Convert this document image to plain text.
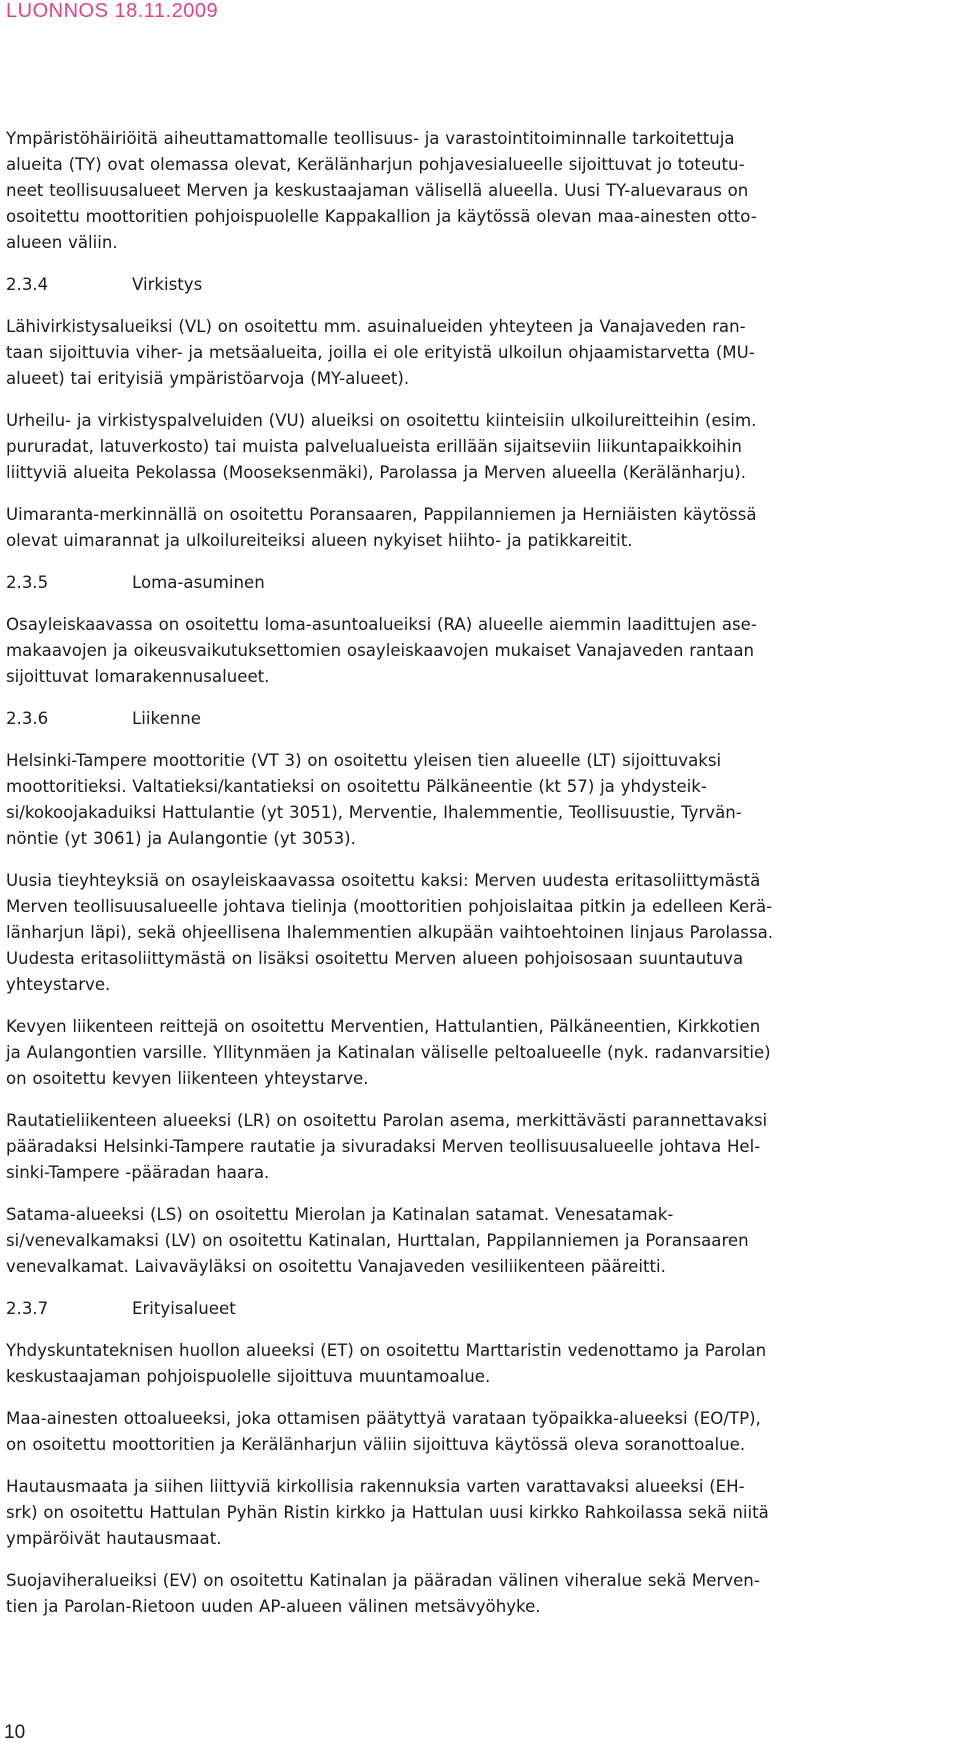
LUONNOS 18.11.2009
Ympäristöhäiriöitä aiheuttamattomalle teollisuus- ja varastointitoiminnalle tarkoitettuja
alueita (TY) ovat olemassa olevat, Kerälänharjun pohjavesialueelle sijoittuvat jo toteutu-
neet teollisuusalueet Merven ja keskustaajaman välisellä alueella. Uusi TY-aluevaraus on
osoitettu moottoritien pohjoispuolelle Kappakallion ja käytössä olevan maa-ainesten otto-
alueen väliin.
2.3.4	Virkistys
Lähivirkistysalueiksi (VL) on osoitettu mm. asuinalueiden yhteyteen ja Vanajaveden ran-
taan sijoittuvia viher- ja metsäalueita, joilla ei ole erityistä ulkoilun ohjaamistarvetta (MU-
alueet) tai erityisiä ympäristöarvoja (MY-alueet).
Urheilu- ja virkistyspalveluiden (VU) alueiksi on osoitettu kiinteisiin ulkoilureitteihin (esim.
pururadat, latuverkosto) tai muista palvelualueista erillään sijaitseviin liikuntapaikkoihin
liittyviä alueita Pekolassa (Mooseksenmäki), Parolassa ja Merven alueella (Kerälänharju).
Uimaranta-merkinnällä on osoitettu Poransaaren, Pappilanniemen ja Herniäisten käytössä
olevat uimarannat ja ulkoilureiteiksi alueen nykyiset hiihto- ja patikkareitit.
2.3.5	Loma-asuminen
Osayleiskaavassa on osoitettu loma-asuntoalueiksi (RA) alueelle aiemmin laadittujen ase-
makaavojen ja oikeusvaikutuksettomien osayleiskaavojen mukaiset Vanajaveden rantaan
sijoittuvat lomarakennusalueet.
2.3.6	Liikenne
Helsinki-Tampere moottoritie (VT 3) on osoitettu yleisen tien alueelle (LT) sijoittuvaksi
moottoritieksi. Valtatieksi/kantatieksi on osoitettu Pälkäneentie (kt 57) ja yhdysteik-
si/kokoojakaduiksi Hattulantie (yt 3051), Merventie, Ihalemmentie, Teollisuustie, Tyrvän-
nöntie (yt 3061) ja Aulangontie (yt 3053).
Uusia tieyhteyksiä on osayleiskaavassa osoitettu kaksi: Merven uudesta eritasoliittymästä
Merven teollisuusalueelle johtava tielinja (moottoritien pohjoislaitaa pitkin ja edelleen Kerä-
länharjun läpi), sekä ohjeellisena Ihalemmentien alkupään vaihtoehtoinen linjaus Parolassa.
Uudesta eritasoliittymästä on lisäksi osoitettu Merven alueen pohjoisosaan suuntautuva
yhteystarve.
Kevyen liikenteen reittejä on osoitettu Merventien, Hattulantien, Pälkäneentien, Kirkkotien
ja Aulangontien varsille. Yllitynmäen ja Katinalan väliselle peltoalueelle (nyk. radanvarsitie)
on osoitettu kevyen liikenteen yhteystarve.
Rautatieliikenteen alueeksi (LR) on osoitettu Parolan asema, merkittävästi parannettavaksi
pääradaksi Helsinki-Tampere rautatie ja sivuradaksi Merven teollisuusalueelle johtava Hel-
sinki-Tampere -pääradan haara.
Satama-alueeksi (LS) on osoitettu Mierolan ja Katinalan satamat. Venesatamak-
si/venevalkamaksi (LV) on osoitettu Katinalan, Hurttalan, Pappilanniemen ja Poransaaren
venevalkamat. Laivaväyläksi on osoitettu Vanajaveden vesiliikenteen pääreitti.
2.3.7	Erityisalueet
Yhdyskuntateknisen huollon alueeksi (ET) on osoitettu Marttaristin vedenottamo ja Parolan
keskustaajaman pohjoispuolelle sijoittuva muuntamoalue.
Maa-ainesten ottoalueeksi, joka ottamisen päätyttyä varataan työpaikka-alueeksi (EO/TP),
on osoitettu moottoritien ja Kerälänharjun väliin sijoittuva käytössä oleva soranottoalue.
Hautausmaata ja siihen liittyviä kirkollisia rakennuksia varten varattavaksi alueeksi (EH-
srk) on osoitettu Hattulan Pyhän Ristin kirkko ja Hattulan uusi kirkko Rahkoilassa sekä niitä
ympäröivät hautausmaat.
Suojaviheralueiksi (EV) on osoitettu Katinalan ja pääradan välinen viheralue sekä Merven-
tien ja Parolan-Rietoon uuden AP-alueen välinen metsävyöhyke.
10
